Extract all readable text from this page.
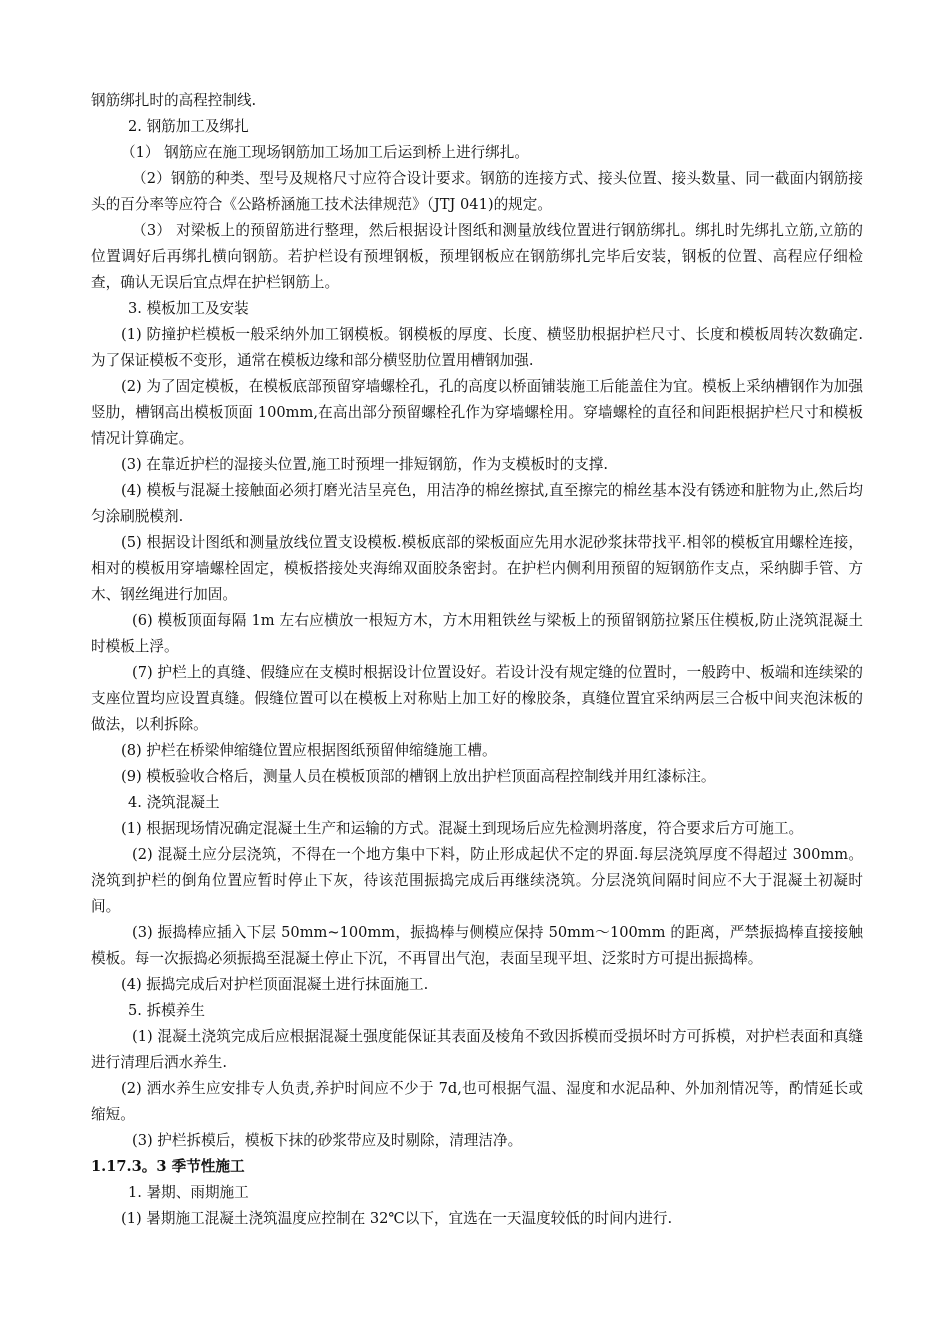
钢筋绑扎时的高程控制线.

2. 钢筋加工及绑扎

（1） 钢筋应在施工现场钢筋加工场加工后运到桥上进行绑扎。

（2）钢筋的种类、型号及规格尺寸应符合设计要求。钢筋的连接方式、接头位置、接头数量、同一截面内钢筋接头的百分率等应符合《公路桥涵施工技术法律规范》（JTJ 041)的规定。

（3） 对梁板上的预留筋进行整理，然后根据设计图纸和测量放线位置进行钢筋绑扎。绑扎时先绑扎立筋,立筋的位置调好后再绑扎横向钢筋。若护栏设有预埋钢板，预埋钢板应在钢筋绑扎完毕后安装，钢板的位置、高程应仔细检查，确认无误后宜点焊在护栏钢筋上。

3. 模板加工及安装

(1) 防撞护栏模板一般采纳外加工钢模板。钢模板的厚度、长度、横竖肋根据护栏尺寸、长度和模板周转次数确定.为了保证模板不变形，通常在模板边缘和部分横竖肋位置用槽钢加强.

(2) 为了固定模板，在模板底部预留穿墙螺栓孔，孔的高度以桥面铺装施工后能盖住为宜。模板上采纳槽钢作为加强竖肋，槽钢高出模板顶面 100mm,在高出部分预留螺栓孔作为穿墙螺栓用。穿墙螺栓的直径和间距根据护栏尺寸和模板情况计算确定。

(3) 在靠近护栏的湿接头位置,施工时预埋一排短钢筋，作为支模板时的支撑.

(4) 模板与混凝土接触面必须打磨光洁呈亮色，用洁净的棉丝擦拭,直至擦完的棉丝基本没有锈迹和脏物为止,然后均匀涂刷脱模剂.

(5) 根据设计图纸和测量放线位置支设模板.模板底部的梁板面应先用水泥砂浆抹带找平.相邻的模板宜用螺栓连接，相对的模板用穿墙螺栓固定，模板搭接处夹海绵双面胶条密封。在护栏内侧利用预留的短钢筋作支点，采纳脚手管、方木、钢丝绳进行加固。

(6) 模板顶面每隔 1m 左右应横放一根短方木，方木用粗铁丝与梁板上的预留钢筋拉紧压住模板,防止浇筑混凝土时模板上浮。

(7) 护栏上的真缝、假缝应在支模时根据设计位置设好。若设计没有规定缝的位置时，一般跨中、板端和连续梁的支座位置均应设置真缝。假缝位置可以在模板上对称贴上加工好的橡胶条，真缝位置宜采纳两层三合板中间夹泡沫板的做法，以利拆除。

(8) 护栏在桥梁伸缩缝位置应根据图纸预留伸缩缝施工槽。

(9) 模板验收合格后，测量人员在模板顶部的槽钢上放出护栏顶面高程控制线并用红漆标注。

4. 浇筑混凝土

(1) 根据现场情况确定混凝土生产和运输的方式。混凝土到现场后应先检测坍落度，符合要求后方可施工。

(2) 混凝土应分层浇筑，不得在一个地方集中下料，防止形成起伏不定的界面.每层浇筑厚度不得超过 300mm。浇筑到护栏的倒角位置应暂时停止下灰，待该范围振捣完成后再继续浇筑。分层浇筑间隔时间应不大于混凝土初凝时间。

(3) 振捣棒应插入下层 50mm~100mm，振捣棒与侧模应保持 50mm～100mm 的距离，严禁振捣棒直接接触模板。每一次振捣必须振捣至混凝土停止下沉，不再冒出气泡，表面呈现平坦、泛浆时方可提出振捣棒。

(4) 振捣完成后对护栏顶面混凝土进行抹面施工.

5. 拆模养生

(1) 混凝土浇筑完成后应根据混凝土强度能保证其表面及棱角不致因拆模而受损坏时方可拆模，对护栏表面和真缝进行清理后洒水养生.

(2) 洒水养生应安排专人负责,养护时间应不少于 7d,也可根据气温、湿度和水泥品种、外加剂情况等，酌情延长或缩短。

(3) 护栏拆模后，模板下抹的砂浆带应及时剔除，清理洁净。

1.17.3。3 季节性施工

1. 暑期、雨期施工

(1) 暑期施工混凝土浇筑温度应控制在 32℃以下，宜选在一天温度较低的时间内进行.
